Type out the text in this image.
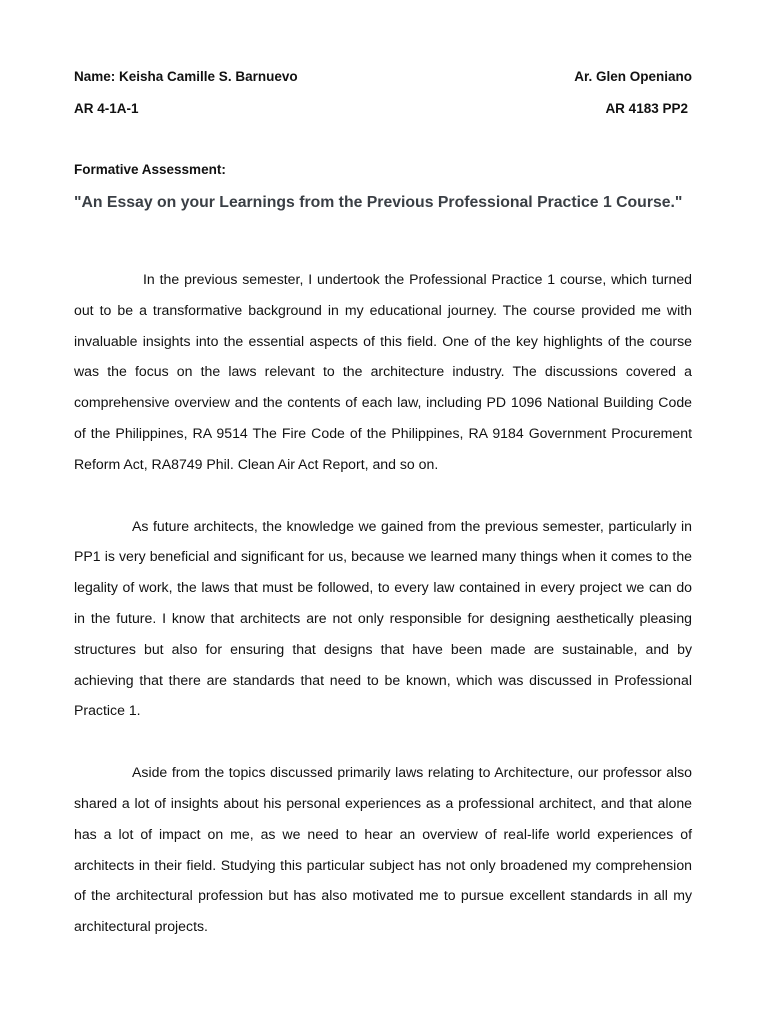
Name: Keisha Camille S. Barnuevo	Ar. Glen Openiano
AR 4-1A-1	AR 4183 PP2
Formative Assessment:
"An Essay on your Learnings from the Previous Professional Practice 1 Course."

In the previous semester, I undertook the Professional Practice 1 course, which turned out to be a transformative background in my educational journey. The course provided me with invaluable insights into the essential aspects of this field. One of the key highlights of the course was the focus on the laws relevant to the architecture industry. The discussions covered a comprehensive overview and the contents of each law, including PD 1096 National Building Code of the Philippines, RA 9514 The Fire Code of the Philippines, RA 9184 Government Procurement Reform Act, RA8749 Phil. Clean Air Act Report, and so on.

As future architects, the knowledge we gained from the previous semester, particularly in PP1 is very beneficial and significant for us, because we learned many things when it comes to the legality of work, the laws that must be followed, to every law contained in every project we can do in the future. I know that architects are not only responsible for designing aesthetically pleasing structures but also for ensuring that designs that have been made are sustainable, and by achieving that there are standards that need to be known, which was discussed in Professional Practice 1.

Aside from the topics discussed primarily laws relating to Architecture, our professor also shared a lot of insights about his personal experiences as a professional architect, and that alone has a lot of impact on me, as we need to hear an overview of real-life world experiences of architects in their field. Studying this particular subject has not only broadened my comprehension of the architectural profession but has also motivated me to pursue excellent standards in all my architectural projects.
